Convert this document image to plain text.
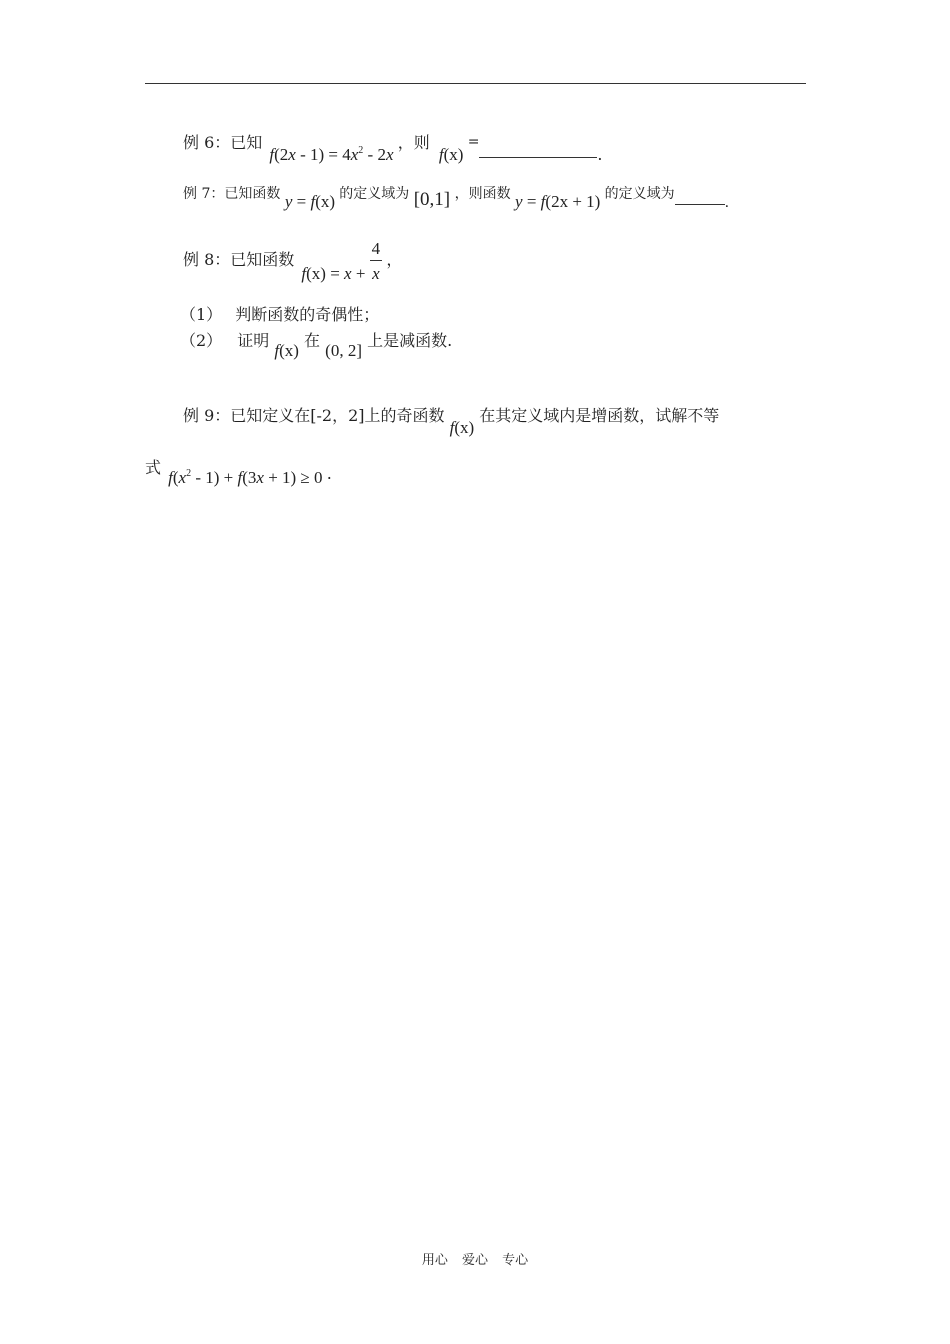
例 6：已知 $f(2x - 1) = 4x^2 - 2x$ ，则 f(x) =.
例 7：已知函数 y = f(x) 的定义域为 [0,1] ，则函数 y = f(2x + 1) 的定义域为.
例 8：已知函数 $f(x) = x + \frac{4}{x}$ ，
（1） 判断函数的奇偶性；
（2） 证明 f(x) 在 (0, 2] 上是减函数.
例 9：已知定义在[-2，2]上的奇函数 f(x) 在其定义域内是增函数，试解不等
式 $f(x^2 - 1) + f(3x + 1) \ge 0$ .
用心 爱心 专心
